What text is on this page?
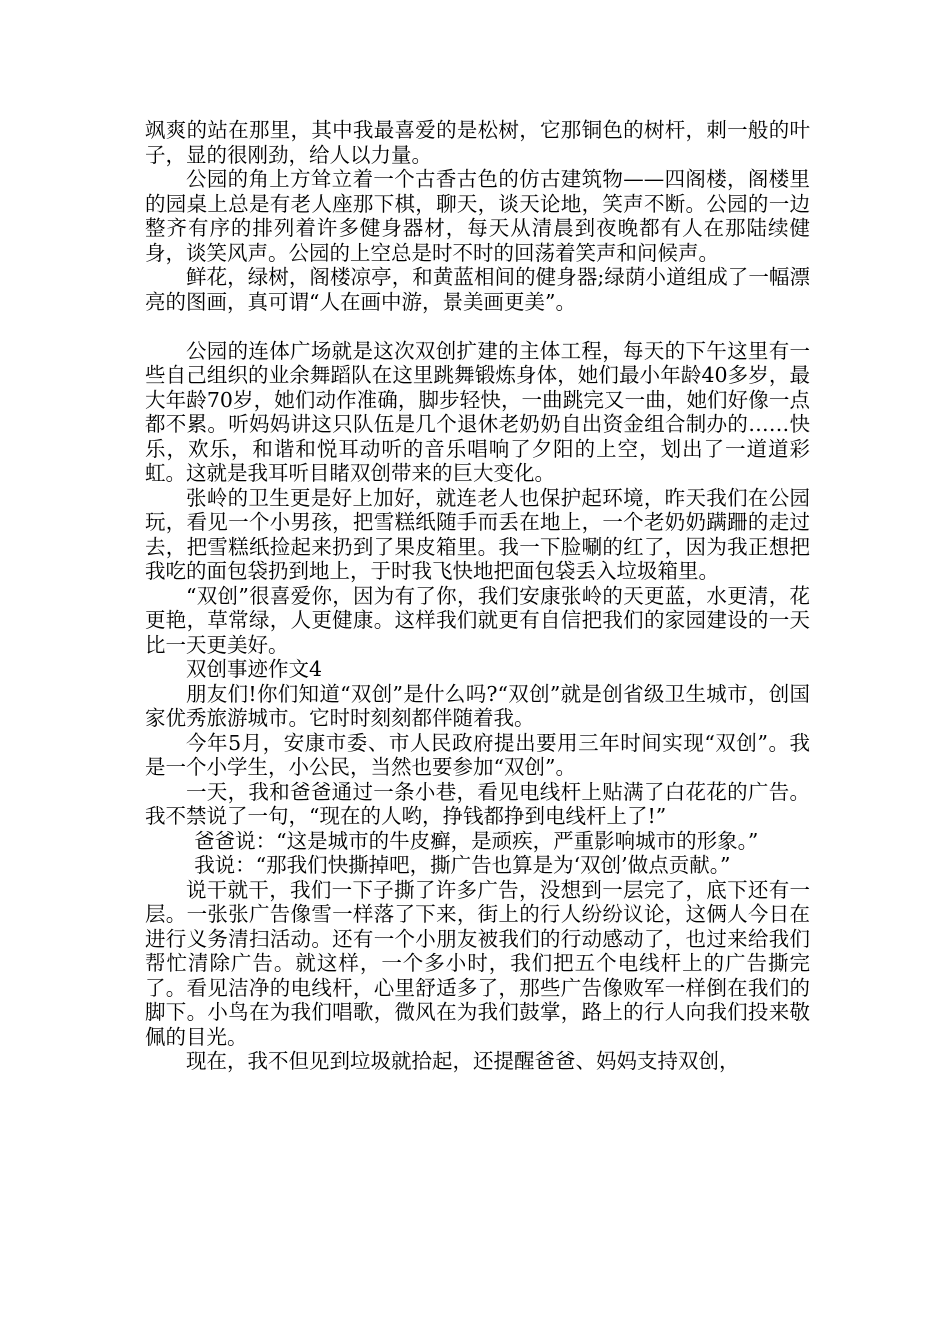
飒爽的站在那里，其中我最喜爱的是松树，它那铜色的树杆，刺一般的叶子，显的很刚劲，给人以力量。

公园的角上方耸立着一个古香古色的仿古建筑物——四阁楼，阁楼里的园桌上总是有老人座那下棋，聊天，谈天论地，笑声不断。公园的一边整齐有序的排列着许多健身器材，每天从清晨到夜晚都有人在那陆续健身，谈笑风声。公园的上空总是时不时的回荡着笑声和问候声。

鲜花，绿树，阁楼凉亭，和黄蓝相间的健身器;绿荫小道组成了一幅漂亮的图画，真可谓“人在画中游，景美画更美”。

公园的连体广场就是这次双创扩建的主体工程，每天的下午这里有一些自己组织的业余舞蹈队在这里跳舞锻炼身体，她们最小年龄40多岁，最大年龄70岁，她们动作准确，脚步轻快，一曲跳完又一曲，她们好像一点都不累。听妈妈讲这只队伍是几个退休老奶奶自出资金组合制办的……快乐，欢乐，和谐和悦耳动听的音乐唱响了夕阳的上空，划出了一道道彩虹。这就是我耳听目睹双创带来的巨大变化。

张岭的卫生更是好上加好，就连老人也保护起环境，昨天我们在公园玩，看见一个小男孩，把雪糕纸随手而丢在地上，一个老奶奶蹒跚的走过去，把雪糕纸捡起来扔到了果皮箱里。我一下脸唰的红了，因为我正想把我吃的面包袋扔到地上，于时我飞快地把面包袋丢入垃圾箱里。

“双创”很喜爱你，因为有了你，我们安康张岭的天更蓝，水更清，花更艳，草常绿，人更健康。这样我们就更有自信把我们的家园建设的一天比一天更美好。

双创事迹作文4

朋友们!你们知道“双创”是什么吗?“双创”就是创省级卫生城市，创国家优秀旅游城市。它时时刻刻都伴随着我。

今年5月，安康市委、市人民政府提出要用三年时间实现“双创”。我是一个小学生，小公民，当然也要参加“双创”。

一天，我和爸爸通过一条小巷，看见电线杆上贴满了白花花的广告。我不禁说了一句，“现在的人哟，挣钱都挣到电线杆上了!”

爸爸说：“这是城市的牛皮癣，是顽疾，严重影响城市的形象。”

我说：“那我们快撕掉吧，撕广告也算是为‘双创’做点贡献。”

说干就干，我们一下子撕了许多广告，没想到一层完了，底下还有一层。一张张广告像雪一样落了下来，街上的行人纷纷议论，这俩人今日在进行义务清扫活动。还有一个小朋友被我们的行动感动了，也过来给我们帮忙清除广告。就这样，一个多小时，我们把五个电线杆上的广告撕完了。看见洁净的电线杆，心里舒适多了，那些广告像败军一样倒在我们的脚下。小鸟在为我们唱歌，微风在为我们鼓掌，路上的行人向我们投来敬佩的目光。

现在，我不但见到垃圾就拾起，还提醒爸爸、妈妈支持双创，
